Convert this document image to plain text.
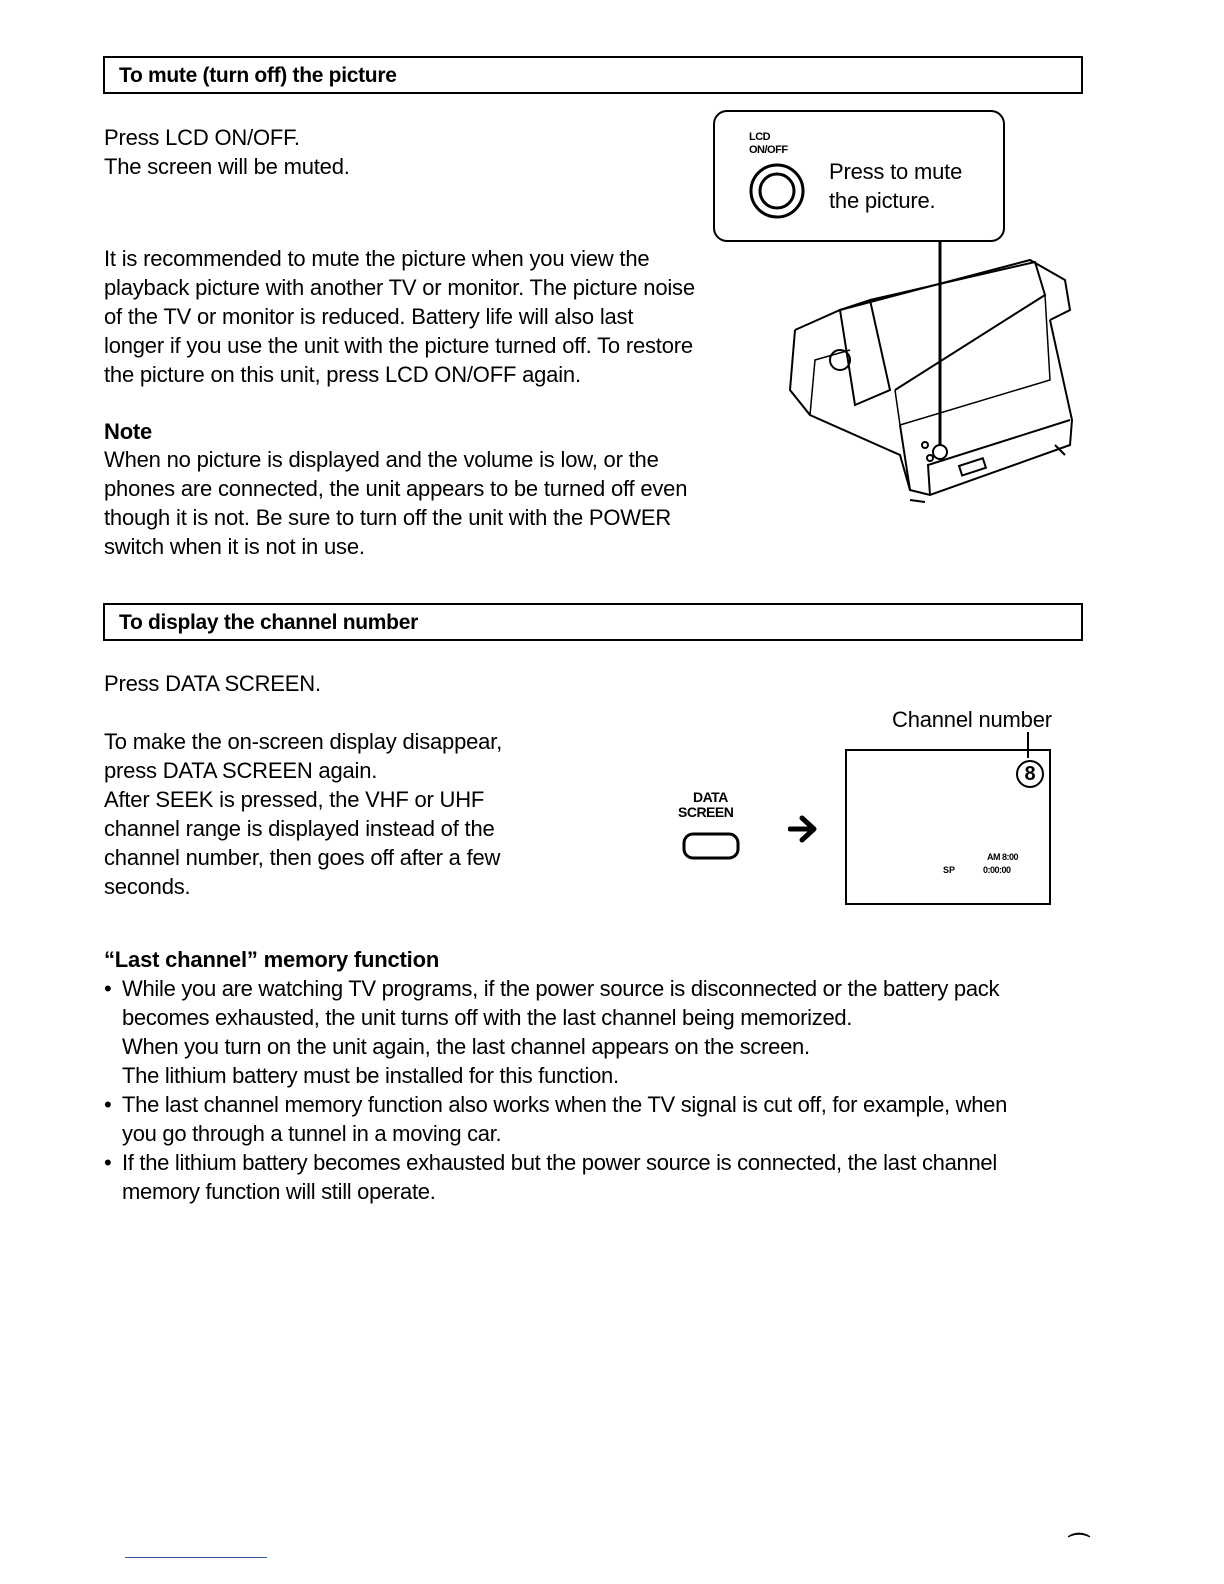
To mute (turn off) the picture
Press LCD ON/OFF.
The screen will be muted.
It is recommended to mute the picture when you view the
playback picture with another TV or monitor. The picture noise
of the TV or monitor is reduced. Battery life will also last
longer if you use the unit with the picture turned off. To restore
the picture on this unit, press LCD ON/OFF again.
Note
When no picture is displayed and the volume is low, or the
phones are connected, the unit appears to be turned off even
though it is not. Be sure to turn off the unit with the POWER
switch when it is not in use.
LCD
ON/OFF
Press to mute
the picture.
To display the channel number
Press DATA SCREEN.
To make the on-screen display disappear,
press DATA SCREEN again.
After SEEK is pressed, the VHF or UHF
channel range is displayed instead of the
channel number, then goes off after a few
seconds.
DATA
SCREEN
Channel number
8
AM 8:00
SP	0:00:00
“Last channel” memory function
• While you are watching TV programs, if the power source is disconnected or the battery pack
becomes exhausted, the unit turns off with the last channel being memorized.
When you turn on the unit again, the last channel appears on the screen.
The lithium battery must be installed for this function.
• The last channel memory function also works when the TV signal is cut off, for example, when
you go through a tunnel in a moving car.
• If the lithium battery becomes exhausted but the power source is connected, the last channel
memory function will still operate.
⌒
